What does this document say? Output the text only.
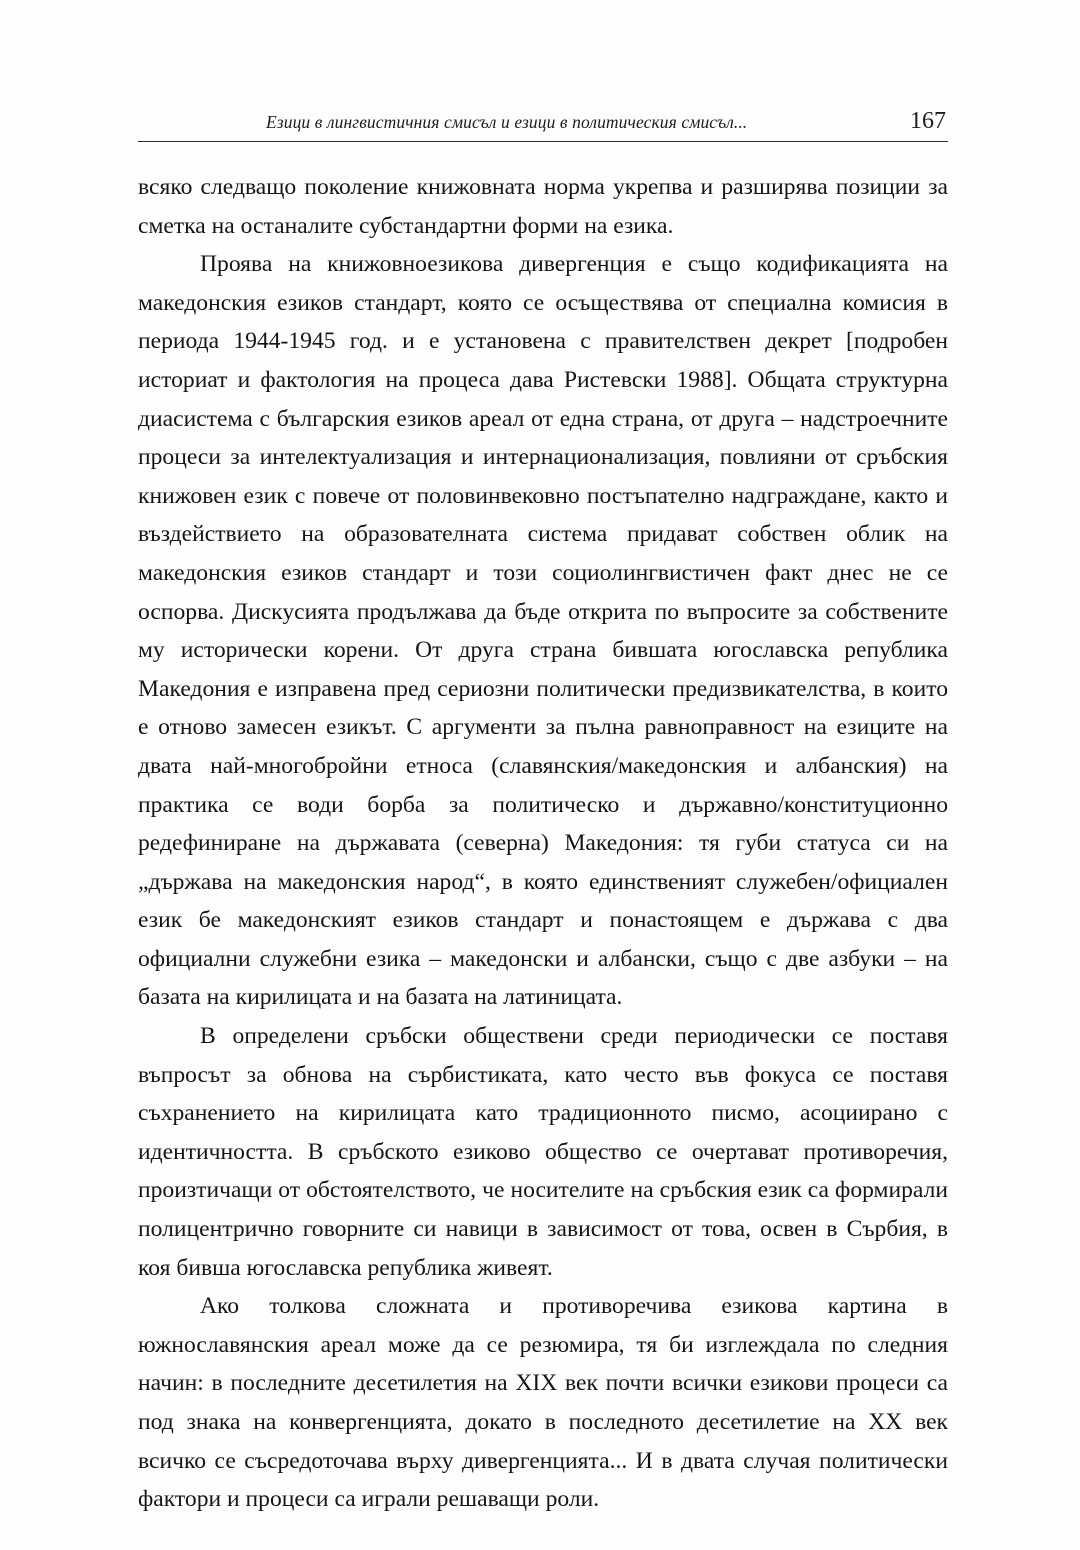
Езици в лингвистичния смисъл и езици в политическия смисъл...	167

всяко следващо поколение книжовната норма укрепва и разширява позиции за сметка на останалите субстандартни форми на езика.

Проява на книжовноезикова дивергенция е също кодификацията на македонския езиков стандарт, която се осъществява от специална комисия в периода 1944-1945 год. и е установена с правителствен декрет [подробен историат и фактология на процеса дава Ристевски 1988]. Общата структурна диасистема с българския езиков ареал от една страна, от друга – надстроечните процеси за интелектуализация и интернационализация, повлияни от сръбския книжовен език с повече от половинвековно постъпателно надграждане, както и въздействието на образователната система придават собствен облик на македонския езиков стандарт и този социолингвистичен факт днес не се оспорва. Дискусията продължава да бъде открита по въпросите за собствените му исторически корени. От друга страна бившата югославска република Македония е изправена пред сериозни политически предизвикателства, в които е отново замесен езикът. С аргументи за пълна равноправност на езиците на двата най-многобройни етноса (славянския/македонския и албанския) на практика се води борба за политическо и държавно/конституционно редефиниране на държавата (северна) Македония: тя губи статуса си на „държава на македонския народ“, в която единственият служебен/официален език бе македонският езиков стандарт и понастоящем е държава с два официални служебни езика – македонски и албански, също с две азбуки – на базата на кирилицата и на базата на латиницата.

В определени сръбски обществени среди периодически се поставя въпросът за обнова на сърбистиката, като често във фокуса се поставя съхранението на кирилицата като традиционното писмо, асоциирано с идентичността. В сръбското езиково общество се очертават противоречия, произтичащи от обстоятелството, че носителите на сръбския език са формирали полицентрично говорните си навици в зависимост от това, освен в Сърбия, в коя бивша югославска република живеят.

Ако толкова сложната и противоречива езикова картина в южнославянския ареал може да се резюмира, тя би изглеждала по следния начин: в последните десетилетия на XIX век почти всички езикови процеси са под знака на конвергенцията, докато в последното десетилетие на XX век всичко се съсредоточава върху дивергенцията... И в двата случая политически фактори и процеси са играли решаващи роли.
